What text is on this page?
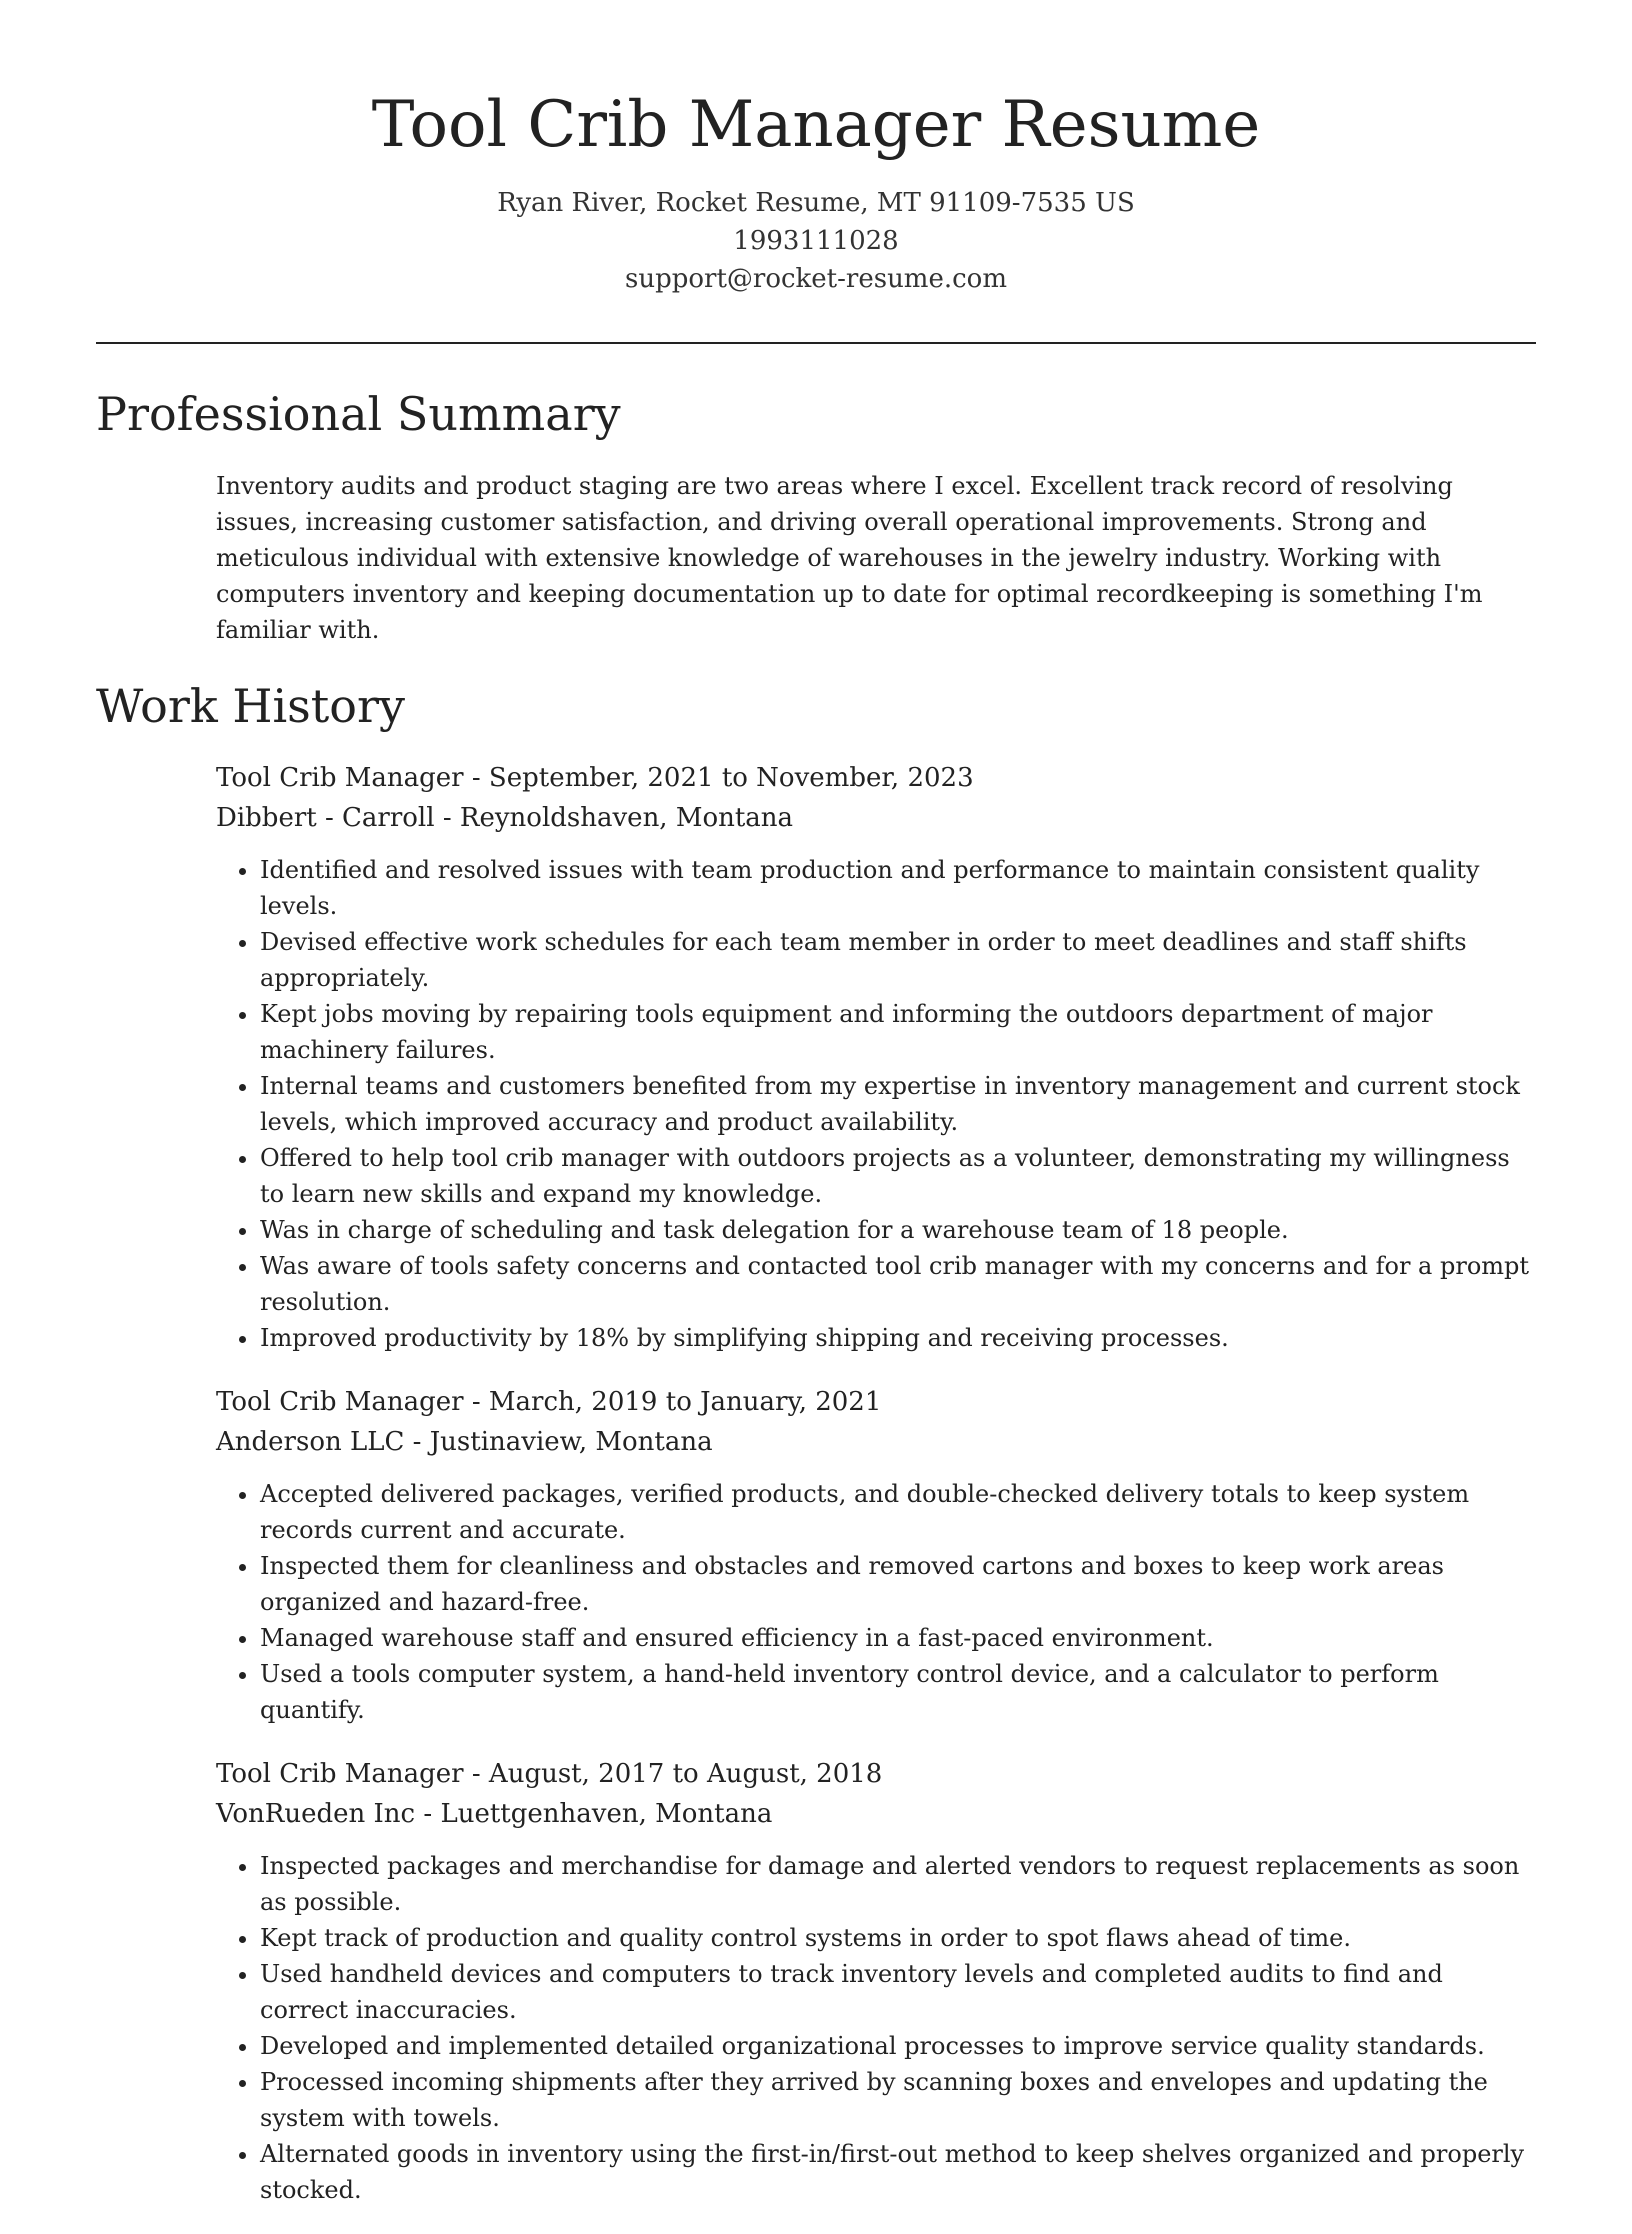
Tool Crib Manager Resume
Ryan River, Rocket Resume, MT 91109-7535 US
1993111028
support@rocket-resume.com
Professional Summary

Inventory audits and product staging are two areas where I excel. Excellent track record of resolving issues, increasing customer satisfaction, and driving overall operational improvements. Strong and meticulous individual with extensive knowledge of warehouses in the jewelry industry. Working with computers inventory and keeping documentation up to date for optimal recordkeeping is something I'm familiar with.

Work History
Tool Crib Manager - September, 2021 to November, 2023
Dibbert - Carroll - Reynoldshaven, Montana
• Identified and resolved issues with team production and performance to maintain consistent quality levels.
• Devised effective work schedules for each team member in order to meet deadlines and staff shifts appropriately.
• Kept jobs moving by repairing tools equipment and informing the outdoors department of major machinery failures.
• Internal teams and customers benefited from my expertise in inventory management and current stock levels, which improved accuracy and product availability.
• Offered to help tool crib manager with outdoors projects as a volunteer, demonstrating my willingness to learn new skills and expand my knowledge.
• Was in charge of scheduling and task delegation for a warehouse team of 18 people.
• Was aware of tools safety concerns and contacted tool crib manager with my concerns and for a prompt resolution.
• Improved productivity by 18% by simplifying shipping and receiving processes.
Tool Crib Manager - March, 2019 to January, 2021
Anderson LLC - Justinaview, Montana
• Accepted delivered packages, verified products, and double-checked delivery totals to keep system records current and accurate.
• Inspected them for cleanliness and obstacles and removed cartons and boxes to keep work areas organized and hazard-free.
• Managed warehouse staff and ensured efficiency in a fast-paced environment.
• Used a tools computer system, a hand-held inventory control device, and a calculator to perform quantify.
Tool Crib Manager - August, 2017 to August, 2018
VonRueden Inc - Luettgenhaven, Montana
• Inspected packages and merchandise for damage and alerted vendors to request replacements as soon as possible.
• Kept track of production and quality control systems in order to spot flaws ahead of time.
• Used handheld devices and computers to track inventory levels and completed audits to find and correct inaccuracies.
• Developed and implemented detailed organizational processes to improve service quality standards.
• Processed incoming shipments after they arrived by scanning boxes and envelopes and updating the system with towels.
• Alternated goods in inventory using the first-in/first-out method to keep shelves organized and properly stocked.
